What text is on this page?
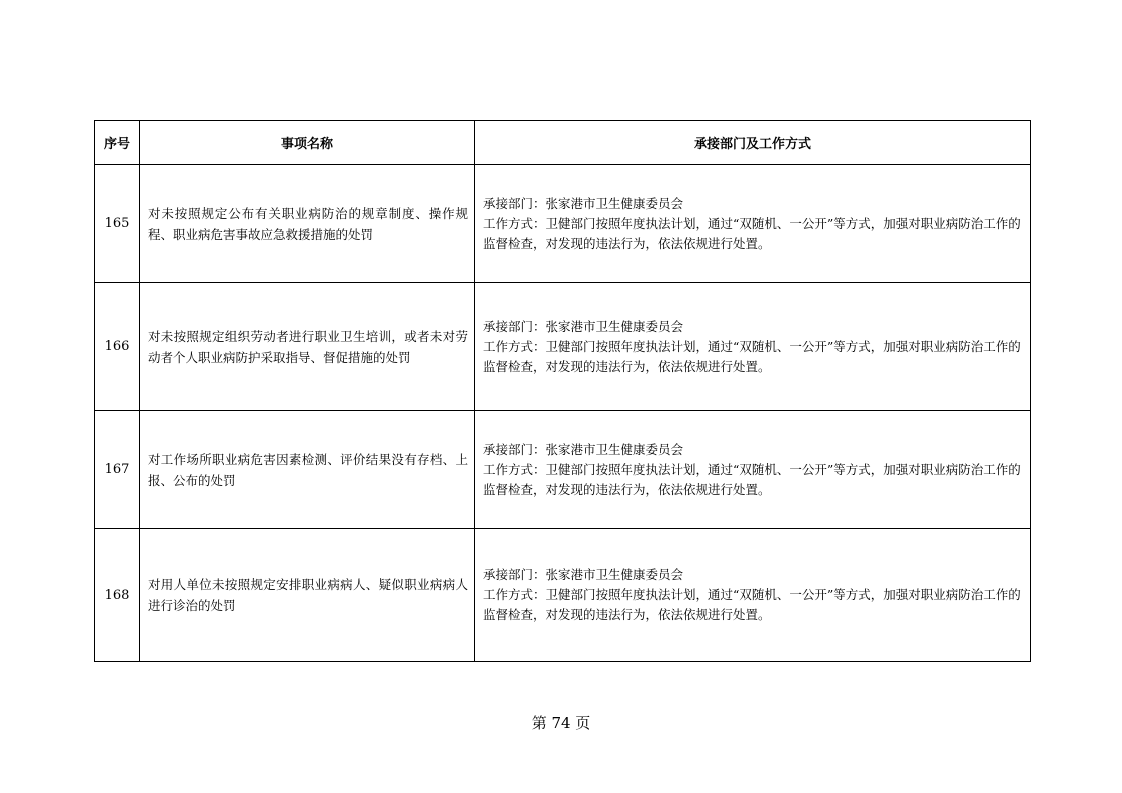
序号	事项名称	承接部门及工作方式
165	对未按照规定公布有关职业病防治的规章制度、操作规程、职业病危害事故应急救援措施的处罚	承接部门：张家港市卫生健康委员会
工作方式：卫健部门按照年度执法计划，通过“双随机、一公开”等方式，加强对职业病防治工作的监督检查，对发现的违法行为，依法依规进行处置。

166	对未按照规定组织劳动者进行职业卫生培训，或者未对劳动者个人职业病防护采取指导、督促措施的处罚	承接部门：张家港市卫生健康委员会
工作方式：卫健部门按照年度执法计划，通过“双随机、一公开”等方式，加强对职业病防治工作的监督检查，对发现的违法行为，依法依规进行处置。

167	对工作场所职业病危害因素检测、评价结果没有存档、上报、公布的处罚	承接部门：张家港市卫生健康委员会
工作方式：卫健部门按照年度执法计划，通过“双随机、一公开”等方式，加强对职业病防治工作的监督检查，对发现的违法行为，依法依规进行处置。

168	对用人单位未按照规定安排职业病病人、疑似职业病病人进行诊治的处罚	承接部门：张家港市卫生健康委员会
工作方式：卫健部门按照年度执法计划，通过“双随机、一公开”等方式，加强对职业病防治工作的监督检查，对发现的违法行为，依法依规进行处置。
第 74 页
